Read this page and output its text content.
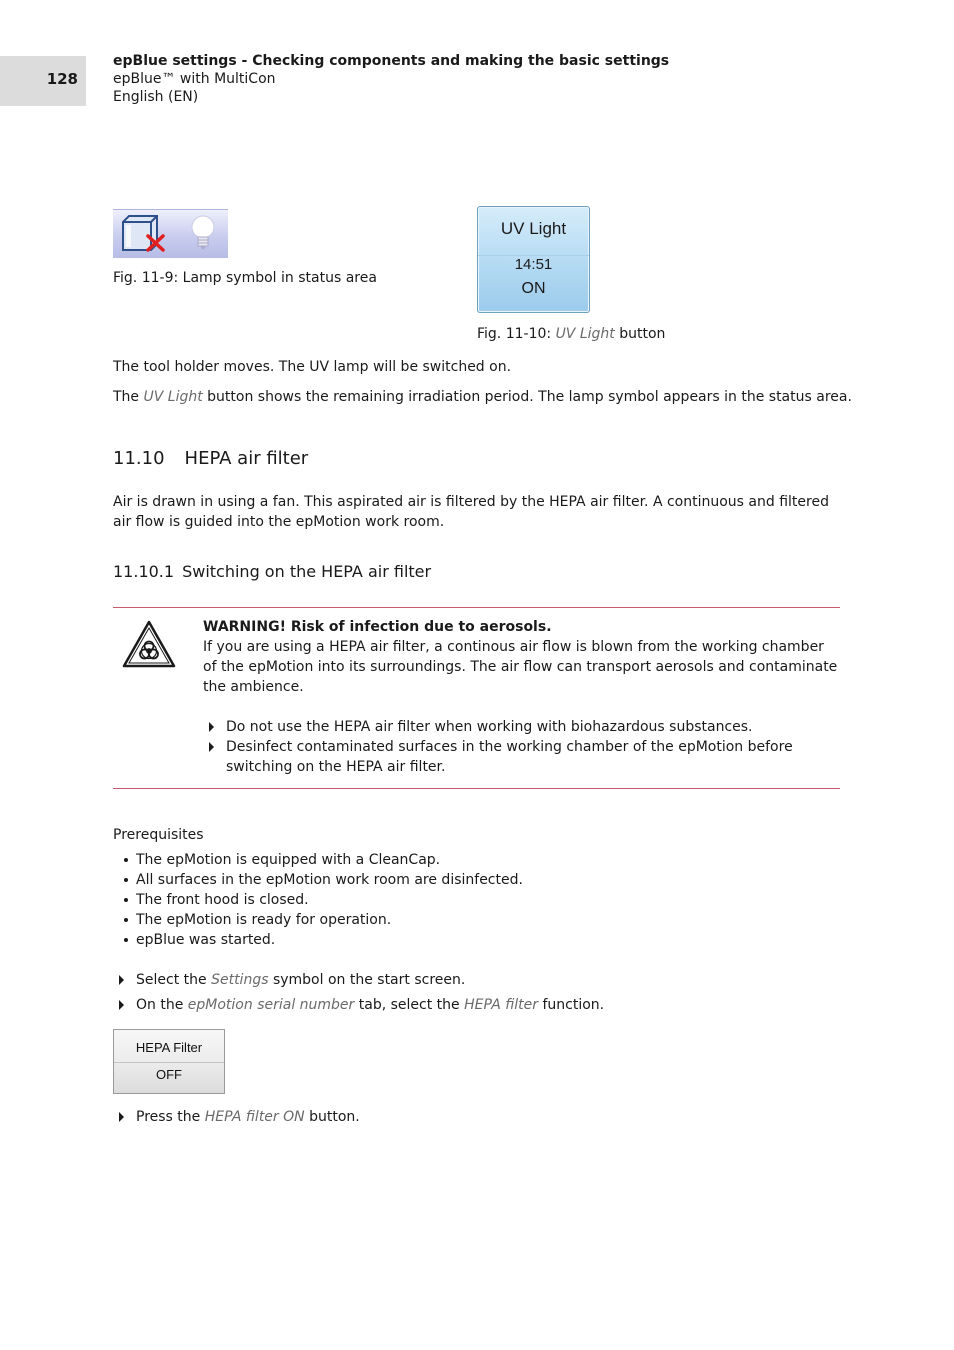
128
epBlue settings - Checking components and making the basic settings
epBlue™ with MultiCon
English (EN)
Fig. 11-9: Lamp symbol in status area
UV Light
14:51
ON
Fig. 11-10: UV Light button
The tool holder moves. The UV lamp will be switched on.
The UV Light button shows the remaining irradiation period. The lamp symbol appears in the status area.
11.10 HEPA air filter
Air is drawn in using a fan. This aspirated air is filtered by the HEPA air filter. A continuous and filtered air flow is guided into the epMotion work room.
11.10.1 Switching on the HEPA air filter
WARNING! Risk of infection due to aerosols.
If you are using a HEPA air filter, a continous air flow is blown from the working chamber of the epMotion into its surroundings. The air flow can transport aerosols and contaminate the ambience.
Do not use the HEPA air filter when working with biohazardous substances.
Desinfect contaminated surfaces in the working chamber of the epMotion before switching on the HEPA air filter.
Prerequisites
The epMotion is equipped with a CleanCap.
All surfaces in the epMotion work room are disinfected.
The front hood is closed.
The epMotion is ready for operation.
epBlue was started.
Select the Settings symbol on the start screen.
On the epMotion serial number tab, select the HEPA filter function.
HEPA Filter
OFF
Press the HEPA filter ON button.
